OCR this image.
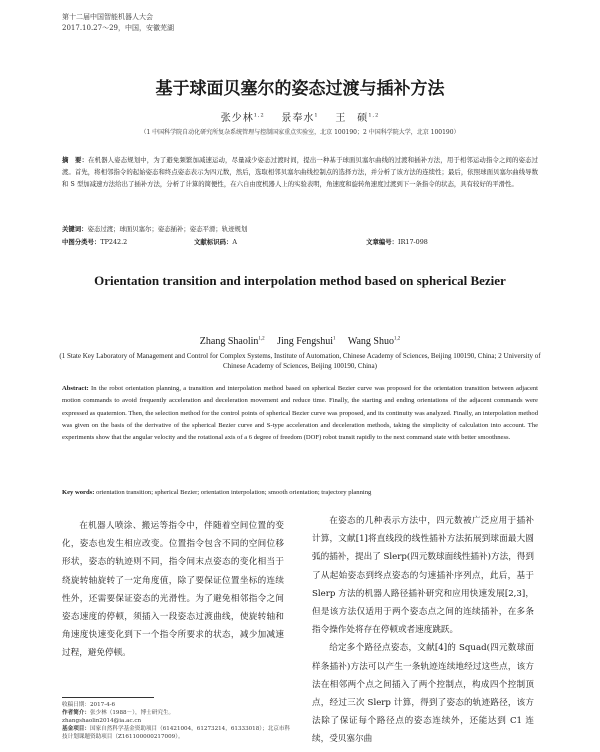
第十二届中国智能机器人大会
2017.10.27～29，中国，安徽芜湖
基于球面贝塞尔的姿态过渡与插补方法
张少林$^{1,2}$ 景奉水$^1$ 王　硕$^{1,2}$
（1 中国科学院自动化研究所复杂系统管理与控制国家重点实验室，北京 100190；2 中国科学院大学，北京 100190）
摘　要：在机器人姿态规划中，为了避免频繁加减速运动，尽量减少姿态过渡时间，提出一种基于球面贝塞尔曲线的过渡和插补方法，用于相邻运动指令之间的姿态过渡。首先，将相邻指令的起始姿态和终点姿态表示为四元数，然后，选取相邻贝塞尔曲线控制点的选择方法，并分析了该方法的连续性；最后，依照球面贝塞尔曲线导数和 S 型加减速方法给出了插补方法，分析了计算的简便性，在六自由度机器人上的实验表明，角速度和旋转角速度过渡到下一条指令的状态，具有较好的平滑性。
关键词：姿态过渡；球面贝塞尔；姿态插补；姿态平滑；轨迹规划
中图分类号：TP242.2	文献标识码：A	文章编号：IR17-098
Orientation transition and interpolation method based on spherical Bezier
Zhang Shaolin$^{1,2}$ Jing Fengshui$^1$ Wang Shuo$^{1,2}$
(1 State Key Laboratory of Management and Control for Complex Systems, Institute of Automation, Chinese Academy of Sciences, Beijing 100190, China; 2 University of Chinese Academy of Sciences, Beijing 100190, China)
Abstract: In the robot orientation planning, a transition and interpolation method based on spherical Bezier curve was proposed for the orientation transition between adjacent motion commands to avoid frequently acceleration and deceleration movement and reduce time. Finally, the starting and ending orientations of the adjacent commands were expressed as quaternion. Then, the selection method for the control points of spherical Bezier curve was proposed, and its continuity was analyzed. Finally, an interpolation method was given on the basis of the derivative of the spherical Bezier curve and S-type acceleration and deceleration methods, taking the simplicity of calculation into account. The experiments show that the angular velocity and the rotational axis of a 6 degree of freedom (DOF) robot transit rapidly to the next command state with better smoothness.
Key words: orientation transition; spherical Bezier; orientation interpolation; smooth orientation; trajectory planning

在机器人喷涂、搬运等指令中，伴随着空间位置的变化，姿态也发生相应改变。位置指令包含不同的空间位移形状，姿态的轨迹则不同，指令间末点姿态的变化相当于绕旋转轴旋转了一定角度值，除了要保证位置坐标的连续性外，还需要保证姿态的光滑性。为了避免相邻指令之间姿态速度的停顿，须插入一段姿态过渡曲线，使旋转轴和角速度快速变化到下一个指令所要求的状态，减少加减速过程，避免停顿。

在姿态的几种表示方法中，四元数被广泛应用于插补计算，文献[1]将直线段的线性插补方法拓展到球面最大圆弧的插补，提出了 Slerp(四元数球面线性插补)方法，得到了从起始姿态到终点姿态的匀速插补序列点，此后，基于 Slerp 方法的机器人路径插补研究和应用快速发展[2,3]，但是该方法仅适用于两个姿态点之间的连续插补，在多条指令操作处将存在停顿或者速度跳跃。

给定多个路径点姿态，文献[4]的 Squad(四元数球面样条插补)方法可以产生一条轨迹连续地经过这些点，该方法在相邻两个点之间插入了两个控制点，构成四个控制顶点，经过三次 Slerp 计算，得到了姿态的轨迹路径，该方法除了保证每个路径点的姿态连续外，还能达到 C1 连续，受贝塞尔曲

收稿日期：2017-4-6
作者简介：张少林（1988－），博士研究生。
zhangshaolin2014@ia.ac.cn
基金项目：国家自然科学基金资助项目（61421004，61273214，61333018）；北京市科技计划课题资助项目（Z161100000217009）。
